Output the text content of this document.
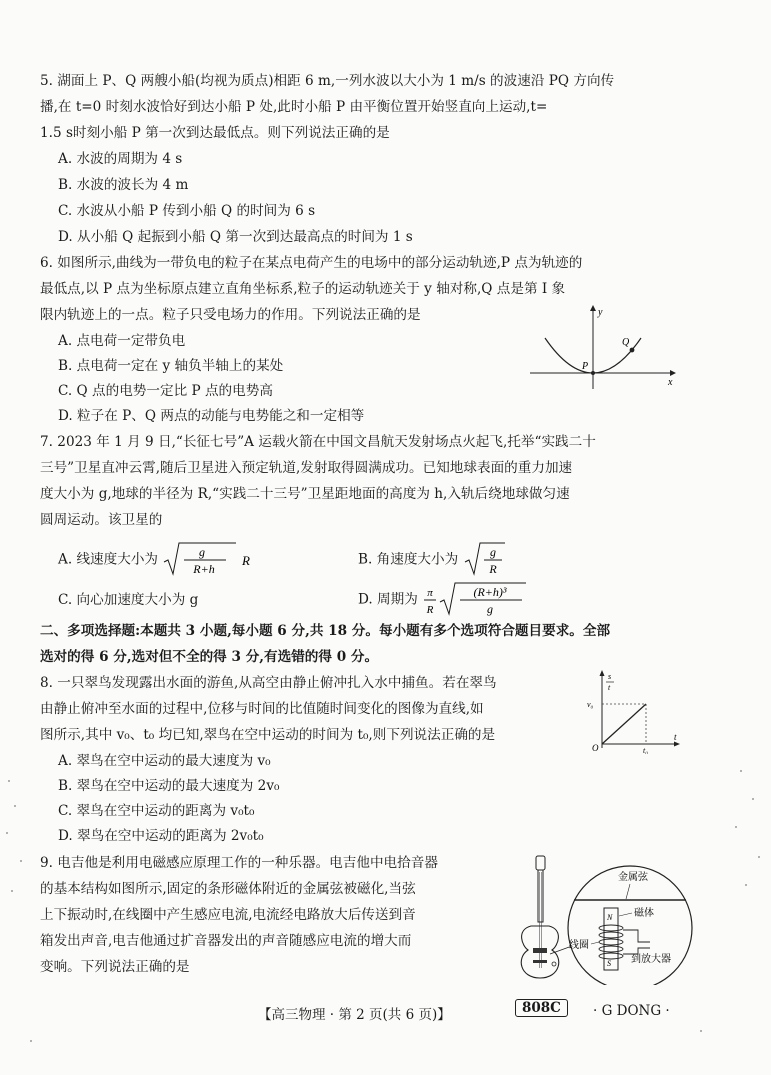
5. 湖面上 P、Q 两艘小船(均视为质点)相距 6 m,一列水波以大小为 1 m/s 的波速沿 PQ 方向传
播,在 t=0 时刻水波恰好到达小船 P 处,此时小船 P 由平衡位置开始竖直向上运动,t=
1.5 s时刻小船 P 第一次到达最低点。则下列说法正确的是
A. 水波的周期为 4 s
B. 水波的波长为 4 m
C. 水波从小船 P 传到小船 Q 的时间为 6 s
D. 从小船 Q 起振到小船 Q 第一次到达最高点的时间为 1 s
6. 如图所示,曲线为一带负电的粒子在某点电荷产生的电场中的部分运动轨迹,P 点为轨迹的
最低点,以 P 点为坐标原点建立直角坐标系,粒子的运动轨迹关于 y 轴对称,Q 点是第 I 象
限内轨迹上的一点。粒子只受电场力的作用。下列说法正确的是
A. 点电荷一定带负电
B. 点电荷一定在 y 轴负半轴上的某处
C. Q 点的电势一定比 P 点的电势高
D. 粒子在 P、Q 两点的动能与电势能之和一定相等
y
x
P
Q
7. 2023 年 1 月 9 日,“长征七号”A 运载火箭在中国文昌航天发射场点火起飞,托举“实践二十
三号”卫星直冲云霄,随后卫星进入预定轨道,发射取得圆满成功。已知地球表面的重力加速
度大小为 g,地球的半径为 R,“实践二十三号”卫星距地面的高度为 h,入轨后绕地球做匀速
圆周运动。该卫星的
A. 线速度大小为	g
R+h
R	B. 角速度大小为	g
R
C. 向心加速度大小为 g	D. 周期为 π
R
(R+h)³
g
二、多项选择题:本题共 3 小题,每小题 6 分,共 18 分。每小题有多个选项符合题目要求。全部
选对的得 6 分,选对但不全的得 3 分,有选错的得 0 分。
8. 一只翠鸟发现露出水面的游鱼,从高空由静止俯冲扎入水中捕鱼。若在翠鸟
由静止俯冲至水面的过程中,位移与时间的比值随时间变化的图像为直线,如
图所示,其中 v₀、t₀ 均已知,翠鸟在空中运动的时间为 t₀,则下列说法正确的是
A. 翠鸟在空中运动的最大速度为 v₀
B. 翠鸟在空中运动的最大速度为 2v₀
C. 翠鸟在空中运动的距离为 v₀t₀
D. 翠鸟在空中运动的距离为 2v₀t₀
s
t
v₀
O	t₀
t
9. 电吉他是利用电磁感应原理工作的一种乐器。电吉他中电拾音器
的基本结构如图所示,固定的条形磁体附近的金属弦被磁化,当弦
上下振动时,在线圈中产生感应电流,电流经电路放大后传送到音
箱发出声音,电吉他通过扩音器发出的声音随感应电流的增大而
变响。下列说法正确的是
金属弦
N
S
磁体
到放大器
线圈
【高三物理 · 第 2 页(共 6 页)】	808C	· G DONG ·
